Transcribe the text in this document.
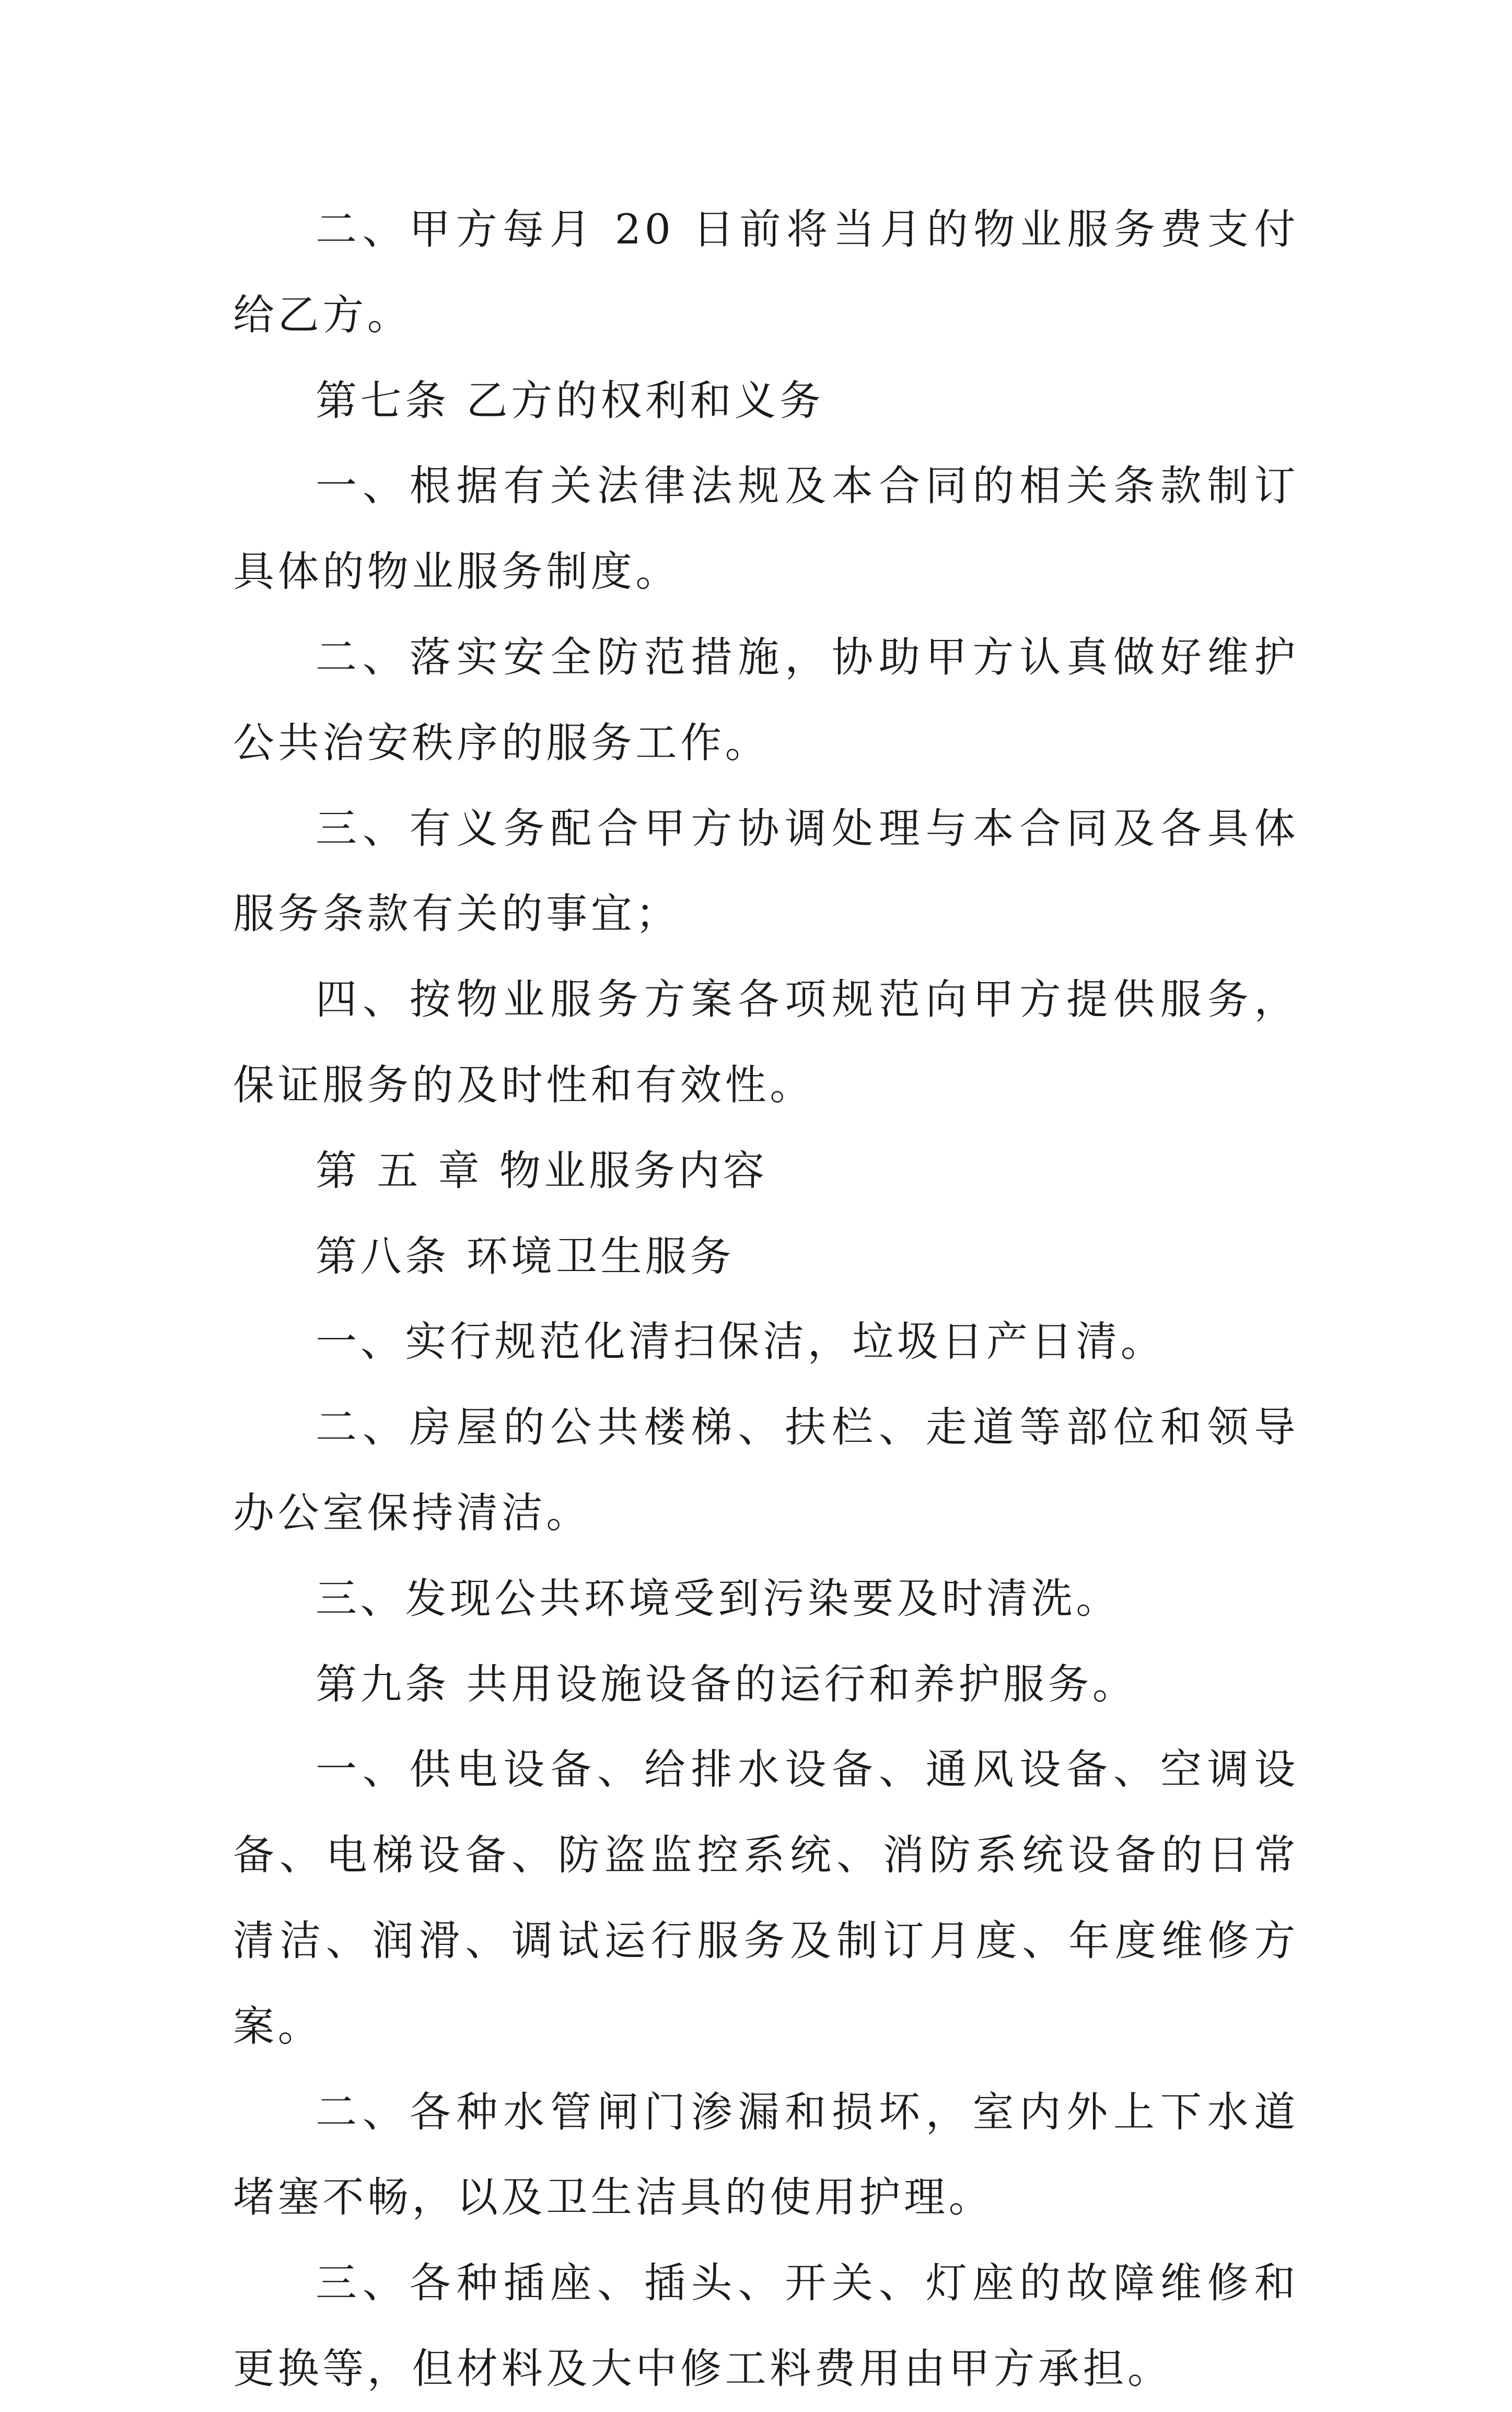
二、甲方每月 20 日前将当月的物业服务费支付给乙方。

第七条 乙方的权利和义务

一、根据有关法律法规及本合同的相关条款制订具体的物业服务制度。

二、落实安全防范措施，协助甲方认真做好维护公共治安秩序的服务工作。

三、有义务配合甲方协调处理与本合同及各具体服务条款有关的事宜；

四、按物业服务方案各项规范向甲方提供服务，保证服务的及时性和有效性。

第 五 章 物业服务内容

第八条 环境卫生服务

一、实行规范化清扫保洁，垃圾日产日清。

二、房屋的公共楼梯、扶栏、走道等部位和领导办公室保持清洁。

三、发现公共环境受到污染要及时清洗。

第九条 共用设施设备的运行和养护服务。

一、供电设备、给排水设备、通风设备、空调设备、电梯设备、防盗监控系统、消防系统设备的日常清洁、润滑、调试运行服务及制订月度、年度维修方案。

二、各种水管闸门渗漏和损坏，室内外上下水道堵塞不畅，以及卫生洁具的使用护理。

三、各种插座、插头、开关、灯座的故障维修和更换等，但材料及大中修工料费用由甲方承担。
